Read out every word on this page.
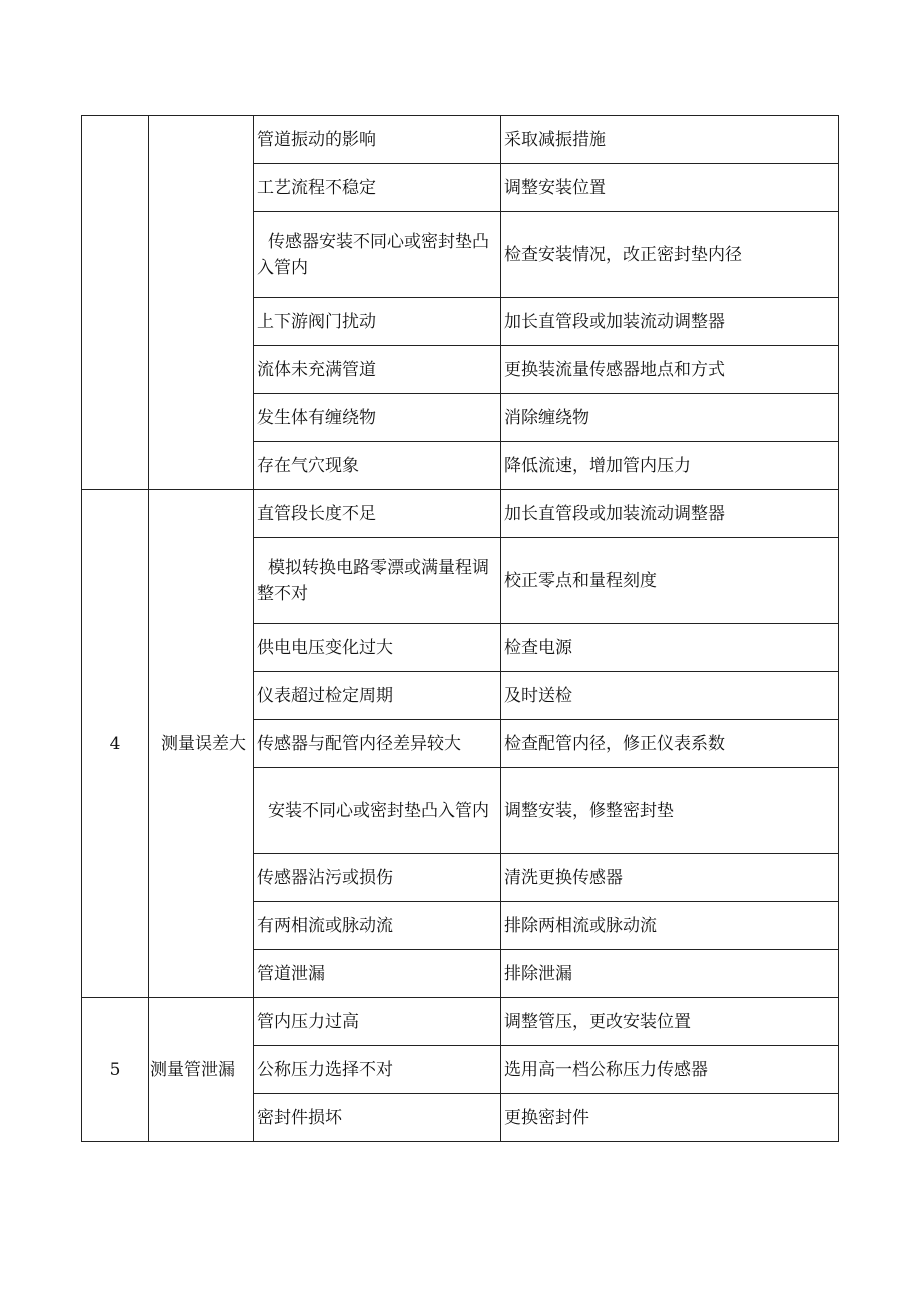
		管道振动的影响	采取减振措施
		工艺流程不稳定	调整安装位置
		传感器安装不同心或密封垫凸入管内	检查安装情况，改正密封垫内径
		上下游阀门扰动	加长直管段或加装流动调整器
		流体未充满管道	更换装流量传感器地点和方式
		发生体有缠绕物	消除缠绕物
		存在气穴现象	降低流速，增加管内压力
4	测量误差大	直管段长度不足	加长直管段或加装流动调整器
		模拟转换电路零漂或满量程调整不对	校正零点和量程刻度
		供电电压变化过大	检查电源
		仪表超过检定周期	及时送检
		传感器与配管内径差异较大	检查配管内径，修正仪表系数
		安装不同心或密封垫凸入管内	调整安装，修整密封垫
		传感器沾污或损伤	清洗更换传感器
		有两相流或脉动流	排除两相流或脉动流
		管道泄漏	排除泄漏
5	测量管泄漏	管内压力过高	调整管压，更改安装位置
		公称压力选择不对	选用高一档公称压力传感器
		密封件损坏	更换密封件
